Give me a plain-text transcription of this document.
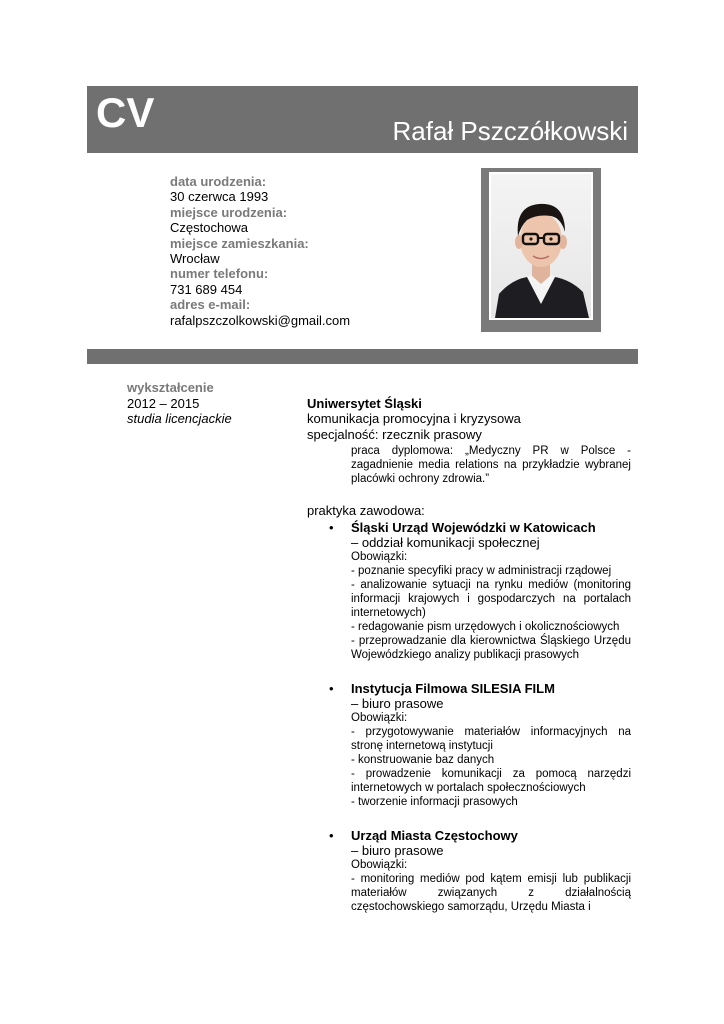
CV	Rafał Pszczółkowski
data urodzenia:
30 czerwca 1993
miejsce urodzenia:
Częstochowa
miejsce zamieszkania:
Wrocław
numer telefonu:
731 689 454
adres e-mail:
rafalpszczolkowski@gmail.com
wykształcenie
2012 – 2015
studia licencjackie
Uniwersytet Śląski
komunikacja promocyjna i kryzysowa
specjalność: rzecznik prasowy
praca dyplomowa: „Medyczny PR w Polsce - zagadnienie media relations na przykładzie wybranej placówki ochrony zdrowia.”
praktyka zawodowa:
• Śląski Urząd Wojewódzki w Katowicach
– oddział komunikacji społecznej
Obowiązki:
- poznanie specyfiki pracy w administracji rządowej
- analizowanie sytuacji na rynku mediów (monitoring informacji krajowych i gospodarczych na portalach internetowych)
- redagowanie pism urzędowych i okolicznościowych
- przeprowadzanie dla kierownictwa Śląskiego Urzędu Wojewódzkiego analizy publikacji prasowych
• Instytucja Filmowa SILESIA FILM
– biuro prasowe
Obowiązki:
- przygotowywanie materiałów informacyjnych na stronę internetową instytucji
- konstruowanie baz danych
- prowadzenie komunikacji za pomocą narzędzi internetowych w portalach społecznościowych
- tworzenie informacji prasowych
• Urząd Miasta Częstochowy
– biuro prasowe
Obowiązki:
- monitoring mediów pod kątem emisji lub publikacji materiałów związanych z działalnością częstochowskiego samorządu, Urzędu Miasta i
